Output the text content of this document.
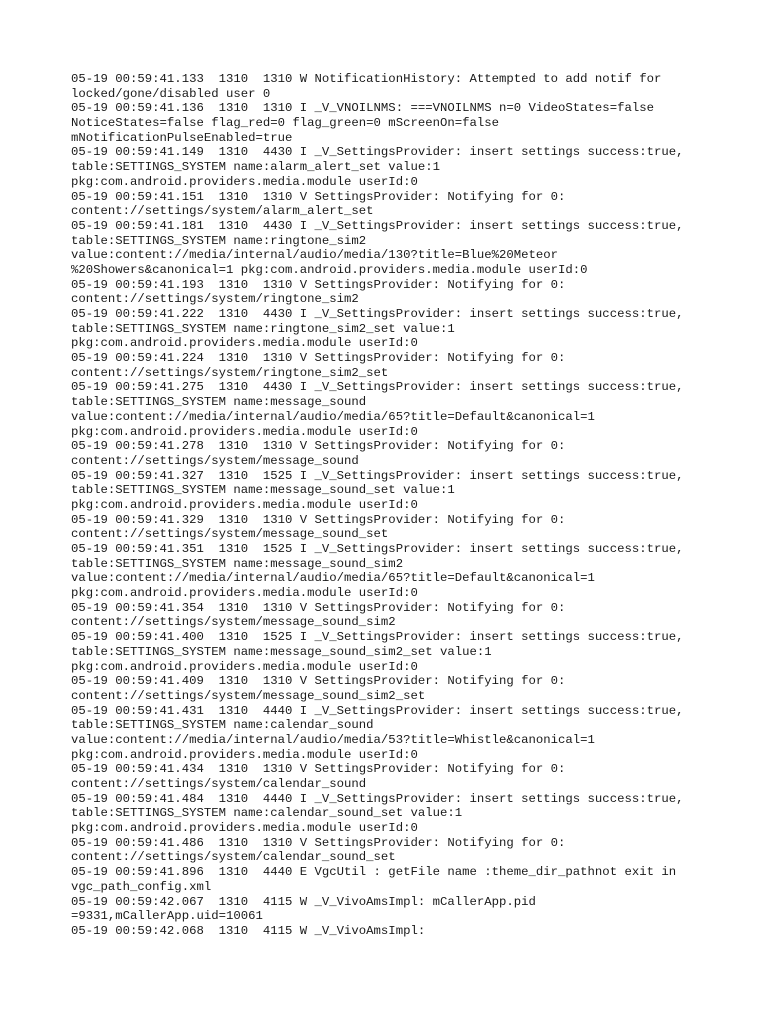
05-19 00:59:41.133  1310  1310 W NotificationHistory: Attempted to add notif for
locked/gone/disabled user 0
05-19 00:59:41.136  1310  1310 I _V_VNOILNMS: ===VNOILNMS n=0 VideoStates=false
NoticeStates=false flag_red=0 flag_green=0 mScreenOn=false
mNotificationPulseEnabled=true
05-19 00:59:41.149  1310  4430 I _V_SettingsProvider: insert settings success:true,
table:SETTINGS_SYSTEM name:alarm_alert_set value:1
pkg:com.android.providers.media.module userId:0
05-19 00:59:41.151  1310  1310 V SettingsProvider: Notifying for 0:
content://settings/system/alarm_alert_set
05-19 00:59:41.181  1310  4430 I _V_SettingsProvider: insert settings success:true,
table:SETTINGS_SYSTEM name:ringtone_sim2
value:content://media/internal/audio/media/130?title=Blue%20Meteor
%20Showers&canonical=1 pkg:com.android.providers.media.module userId:0
05-19 00:59:41.193  1310  1310 V SettingsProvider: Notifying for 0:
content://settings/system/ringtone_sim2
05-19 00:59:41.222  1310  4430 I _V_SettingsProvider: insert settings success:true,
table:SETTINGS_SYSTEM name:ringtone_sim2_set value:1
pkg:com.android.providers.media.module userId:0
05-19 00:59:41.224  1310  1310 V SettingsProvider: Notifying for 0:
content://settings/system/ringtone_sim2_set
05-19 00:59:41.275  1310  4430 I _V_SettingsProvider: insert settings success:true,
table:SETTINGS_SYSTEM name:message_sound
value:content://media/internal/audio/media/65?title=Default&canonical=1
pkg:com.android.providers.media.module userId:0
05-19 00:59:41.278  1310  1310 V SettingsProvider: Notifying for 0:
content://settings/system/message_sound
05-19 00:59:41.327  1310  1525 I _V_SettingsProvider: insert settings success:true,
table:SETTINGS_SYSTEM name:message_sound_set value:1
pkg:com.android.providers.media.module userId:0
05-19 00:59:41.329  1310  1310 V SettingsProvider: Notifying for 0:
content://settings/system/message_sound_set
05-19 00:59:41.351  1310  1525 I _V_SettingsProvider: insert settings success:true,
table:SETTINGS_SYSTEM name:message_sound_sim2
value:content://media/internal/audio/media/65?title=Default&canonical=1
pkg:com.android.providers.media.module userId:0
05-19 00:59:41.354  1310  1310 V SettingsProvider: Notifying for 0:
content://settings/system/message_sound_sim2
05-19 00:59:41.400  1310  1525 I _V_SettingsProvider: insert settings success:true,
table:SETTINGS_SYSTEM name:message_sound_sim2_set value:1
pkg:com.android.providers.media.module userId:0
05-19 00:59:41.409  1310  1310 V SettingsProvider: Notifying for 0:
content://settings/system/message_sound_sim2_set
05-19 00:59:41.431  1310  4440 I _V_SettingsProvider: insert settings success:true,
table:SETTINGS_SYSTEM name:calendar_sound
value:content://media/internal/audio/media/53?title=Whistle&canonical=1
pkg:com.android.providers.media.module userId:0
05-19 00:59:41.434  1310  1310 V SettingsProvider: Notifying for 0:
content://settings/system/calendar_sound
05-19 00:59:41.484  1310  4440 I _V_SettingsProvider: insert settings success:true,
table:SETTINGS_SYSTEM name:calendar_sound_set value:1
pkg:com.android.providers.media.module userId:0
05-19 00:59:41.486  1310  1310 V SettingsProvider: Notifying for 0:
content://settings/system/calendar_sound_set
05-19 00:59:41.896  1310  4440 E VgcUtil : getFile name :theme_dir_pathnot exit in
vgc_path_config.xml
05-19 00:59:42.067  1310  4115 W _V_VivoAmsImpl: mCallerApp.pid
=9331,mCallerApp.uid=10061
05-19 00:59:42.068  1310  4115 W _V_VivoAmsImpl:
